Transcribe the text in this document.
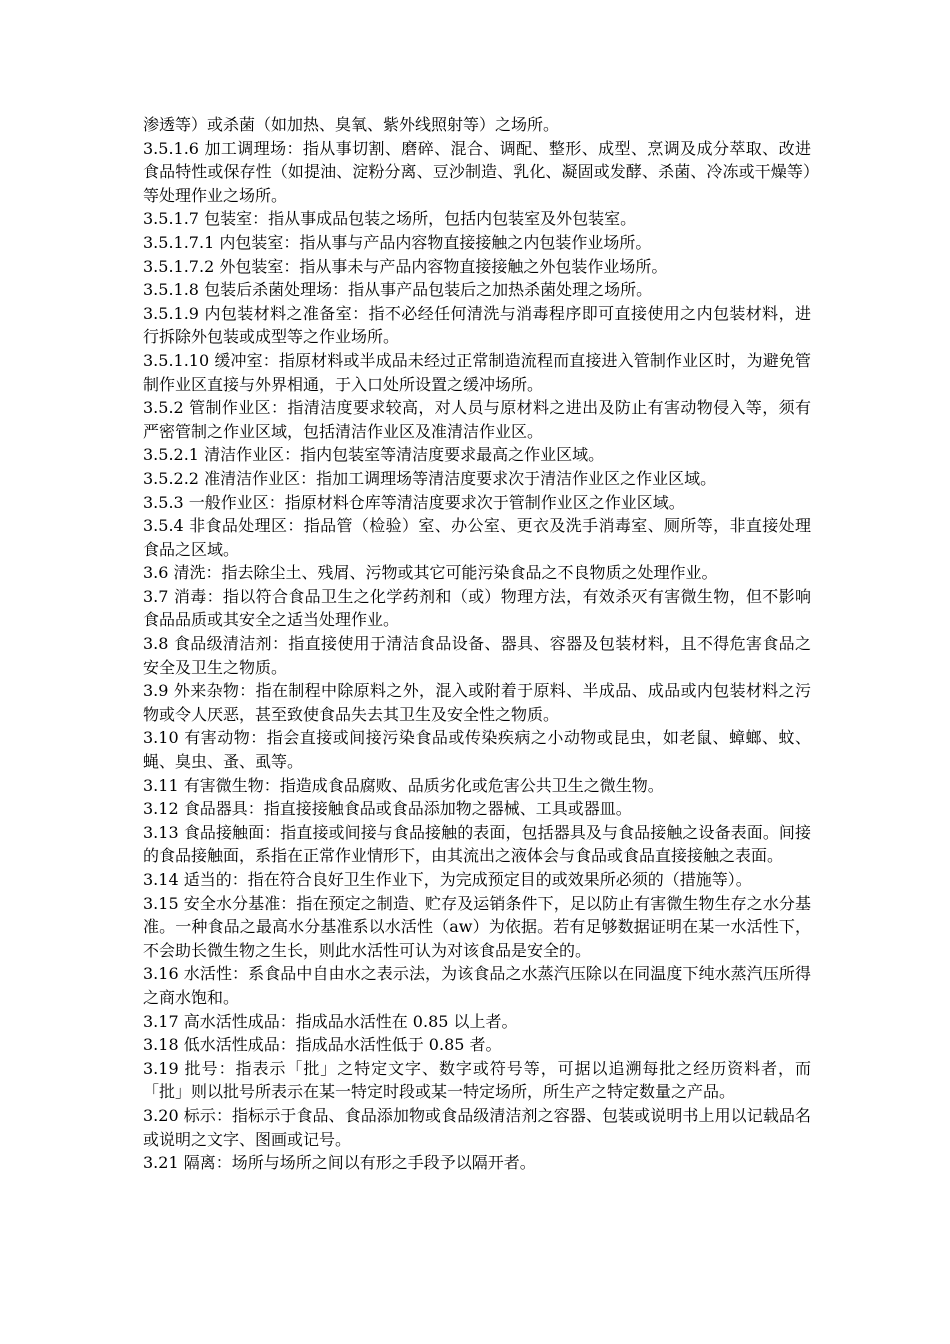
渗透等）或杀菌（如加热、臭氧、紫外线照射等）之场所。

3.5.1.6 加工调理场：指从事切割、磨碎、混合、调配、整形、成型、烹调及成分萃取、改进食品特性或保存性（如提油、淀粉分离、豆沙制造、乳化、凝固或发酵、杀菌、冷冻或干燥等）等处理作业之场所。

3.5.1.7 包装室：指从事成品包装之场所，包括内包装室及外包装室。

3.5.1.7.1 内包装室：指从事与产品内容物直接接触之内包装作业场所。

3.5.1.7.2 外包装室：指从事未与产品内容物直接接触之外包装作业场所。

3.5.1.8 包装后杀菌处理场：指从事产品包装后之加热杀菌处理之场所。

3.5.1.9 内包装材料之准备室：指不必经任何清洗与消毒程序即可直接使用之内包装材料，进行拆除外包装或成型等之作业场所。

3.5.1.10 缓冲室：指原材料或半成品未经过正常制造流程而直接进入管制作业区时，为避免管制作业区直接与外界相通，于入口处所设置之缓冲场所。

3.5.2 管制作业区：指清洁度要求较高，对人员与原材料之进出及防止有害动物侵入等，须有严密管制之作业区域，包括清洁作业区及准清洁作业区。

3.5.2.1 清洁作业区：指内包装室等清洁度要求最高之作业区域。

3.5.2.2 准清洁作业区：指加工调理场等清洁度要求次于清洁作业区之作业区域。

3.5.3 一般作业区：指原材料仓库等清洁度要求次于管制作业区之作业区域。

3.5.4 非食品处理区：指品管（检验）室、办公室、更衣及洗手消毒室、厕所等，非直接处理食品之区域。

3.6 清洗：指去除尘土、残屑、污物或其它可能污染食品之不良物质之处理作业。

3.7 消毒：指以符合食品卫生之化学药剂和（或）物理方法，有效杀灭有害微生物，但不影响食品品质或其安全之适当处理作业。

3.8 食品级清洁剂：指直接使用于清洁食品设备、器具、容器及包装材料，且不得危害食品之安全及卫生之物质。

3.9 外来杂物：指在制程中除原料之外，混入或附着于原料、半成品、成品或内包装材料之污物或令人厌恶，甚至致使食品失去其卫生及安全性之物质。

3.10 有害动物：指会直接或间接污染食品或传染疾病之小动物或昆虫，如老鼠、蟑螂、蚊、蝇、臭虫、蚤、虱等。

3.11 有害微生物：指造成食品腐败、品质劣化或危害公共卫生之微生物。

3.12 食品器具：指直接接触食品或食品添加物之器械、工具或器皿。

3.13 食品接触面：指直接或间接与食品接触的表面，包括器具及与食品接触之设备表面。间接的食品接触面，系指在正常作业情形下，由其流出之液体会与食品或食品直接接触之表面。

3.14 适当的：指在符合良好卫生作业下，为完成预定目的或效果所必须的（措施等）。

3.15 安全水分基准：指在预定之制造、贮存及运销条件下，足以防止有害微生物生存之水分基准。一种食品之最高水分基准系以水活性（aw）为依据。若有足够数据证明在某一水活性下，不会助长微生物之生长，则此水活性可认为对该食品是安全的。

3.16 水活性：系食品中自由水之表示法，为该食品之水蒸汽压除以在同温度下纯水蒸汽压所得之商水饱和。

3.17 高水活性成品：指成品水活性在 0.85 以上者。

3.18 低水活性成品：指成品水活性低于 0.85 者。

3.19 批号：指表示「批」之特定文字、数字或符号等，可据以追溯每批之经历资料者，而「批」则以批号所表示在某一特定时段或某一特定场所，所生产之特定数量之产品。

3.20 标示：指标示于食品、食品添加物或食品级清洁剂之容器、包装或说明书上用以记载品名或说明之文字、图画或记号。

3.21 隔离：场所与场所之间以有形之手段予以隔开者。
